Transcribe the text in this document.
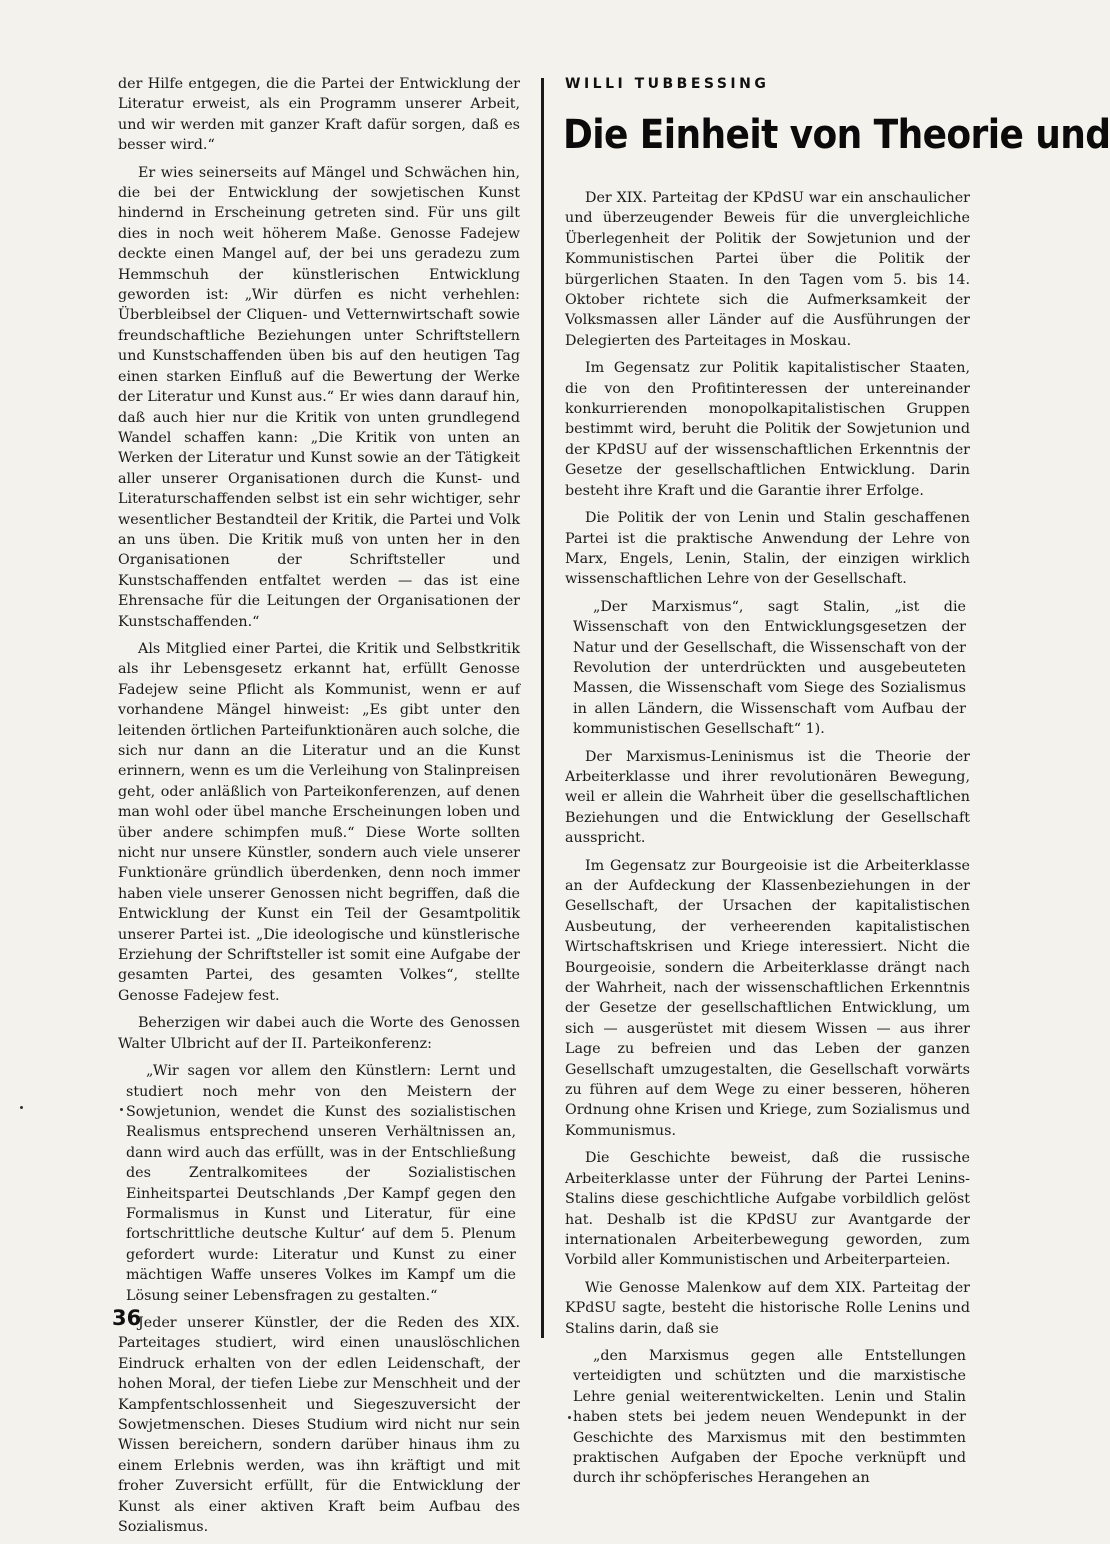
der Hilfe entgegen, die die Partei der Entwicklung der Literatur erweist, als ein Programm unserer Arbeit, und wir werden mit ganzer Kraft dafür sorgen, daß es besser wird.“

Er wies seinerseits auf Mängel und Schwächen hin, die bei der Entwicklung der sowjetischen Kunst hindernd in Erscheinung getreten sind. Für uns gilt dies in noch weit höherem Maße. Genosse Fadejew deckte einen Mangel auf, der bei uns geradezu zum Hemmschuh der künstlerischen Entwicklung geworden ist: „Wir dürfen es nicht verhehlen: Überbleibsel der Cliquen- und Vetternwirtschaft sowie freundschaftliche Beziehungen unter Schriftstellern und Kunstschaffenden üben bis auf den heutigen Tag einen starken Einfluß auf die Bewertung der Werke der Literatur und Kunst aus.“ Er wies dann darauf hin, daß auch hier nur die Kritik von unten grundlegend Wandel schaffen kann: „Die Kritik von unten an Werken der Literatur und Kunst sowie an der Tätigkeit aller unserer Organisationen durch die Kunst- und Literaturschaffenden selbst ist ein sehr wichtiger, sehr wesentlicher Bestandteil der Kritik, die Partei und Volk an uns üben. Die Kritik muß von unten her in den Organisationen der Schriftsteller und Kunstschaffenden entfaltet werden — das ist eine Ehrensache für die Leitungen der Organisationen der Kunstschaffenden.“

Als Mitglied einer Partei, die Kritik und Selbstkritik als ihr Lebensgesetz erkannt hat, erfüllt Genosse Fadejew seine Pflicht als Kommunist, wenn er auf vorhandene Mängel hinweist: „Es gibt unter den leitenden örtlichen Parteifunktionären auch solche, die sich nur dann an die Literatur und an die Kunst erinnern, wenn es um die Verleihung von Stalinpreisen geht, oder anläßlich von Parteikonferenzen, auf denen man wohl oder übel manche Erscheinungen loben und über andere schimpfen muß.“ Diese Worte sollten nicht nur unsere Künstler, sondern auch viele unserer Funktionäre gründlich überdenken, denn noch immer haben viele unserer Genossen nicht begriffen, daß die Entwicklung der Kunst ein Teil der Gesamtpolitik unserer Partei ist. „Die ideologische und künstlerische Erziehung der Schriftsteller ist somit eine Aufgabe der gesamten Partei, des gesamten Volkes“, stellte Genosse Fadejew fest.

Beherzigen wir dabei auch die Worte des Genossen Walter Ulbricht auf der II. Parteikonferenz:

„Wir sagen vor allem den Künstlern: Lernt und studiert noch mehr von den Meistern der Sowjetunion, wendet die Kunst des sozialistischen Realismus entsprechend unseren Verhältnissen an, dann wird auch das erfüllt, was in der Entschließung des Zentralkomitees der Sozialistischen Einheitspartei Deutschlands ‚Der Kampf gegen den Formalismus in Kunst und Literatur, für eine fortschrittliche deutsche Kultur‘ auf dem 5. Plenum gefordert wurde: Literatur und Kunst zu einer mächtigen Waffe unseres Volkes im Kampf um die Lösung seiner Lebensfragen zu gestalten.“

Jeder unserer Künstler, der die Reden des XIX. Parteitages studiert, wird einen unauslöschlichen Eindruck erhalten von der edlen Leidenschaft, der hohen Moral, der tiefen Liebe zur Menschheit und der Kampfentschlossenheit und Siegeszuversicht der Sowjetmenschen. Dieses Studium wird nicht nur sein Wissen bereichern, sondern darüber hinaus ihm zu einem Erlebnis werden, was ihn kräftigt und mit froher Zuversicht erfüllt, für die Entwicklung der Kunst als einer aktiven Kraft beim Aufbau des Sozialismus.

WILLI TUBBESSING
Die Einheit von Theorie und

Der XIX. Parteitag der KPdSU war ein anschaulicher und überzeugender Beweis für die unvergleichliche Überlegenheit der Politik der Sowjetunion und der Kommunistischen Partei über die Politik der bürgerlichen Staaten. In den Tagen vom 5. bis 14. Oktober richtete sich die Aufmerksamkeit der Volksmassen aller Länder auf die Ausführungen der Delegierten des Parteitages in Moskau.

Im Gegensatz zur Politik kapitalistischer Staaten, die von den Profitinteressen der untereinander konkurrierenden monopolkapitalistischen Gruppen bestimmt wird, beruht die Politik der Sowjetunion und der KPdSU auf der wissenschaftlichen Erkenntnis der Gesetze der gesellschaftlichen Entwicklung. Darin besteht ihre Kraft und die Garantie ihrer Erfolge.

Die Politik der von Lenin und Stalin geschaffenen Partei ist die praktische Anwendung der Lehre von Marx, Engels, Lenin, Stalin, der einzigen wirklich wissenschaftlichen Lehre von der Gesellschaft.

„Der Marxismus“, sagt Stalin, „ist die Wissenschaft von den Entwicklungsgesetzen der Natur und der Gesellschaft, die Wissenschaft von der Revolution der unterdrückten und ausgebeuteten Massen, die Wissenschaft vom Siege des Sozialismus in allen Ländern, die Wissenschaft vom Aufbau der kommunistischen Gesellschaft“ 1).

Der Marxismus-Leninismus ist die Theorie der Arbeiterklasse und ihrer revolutionären Bewegung, weil er allein die Wahrheit über die gesellschaftlichen Beziehungen und die Entwicklung der Gesellschaft ausspricht.

Im Gegensatz zur Bourgeoisie ist die Arbeiterklasse an der Aufdeckung der Klassenbeziehungen in der Gesellschaft, der Ursachen der kapitalistischen Ausbeutung, der verheerenden kapitalistischen Wirtschaftskrisen und Kriege interessiert. Nicht die Bourgeoisie, sondern die Arbeiterklasse drängt nach der Wahrheit, nach der wissenschaftlichen Erkenntnis der Gesetze der gesellschaftlichen Entwicklung, um sich — ausgerüstet mit diesem Wissen — aus ihrer Lage zu befreien und das Leben der ganzen Gesellschaft umzugestalten, die Gesellschaft vorwärts zu führen auf dem Wege zu einer besseren, höheren Ordnung ohne Krisen und Kriege, zum Sozialismus und Kommunismus.

Die Geschichte beweist, daß die russische Arbeiterklasse unter der Führung der Partei Lenins-Stalins diese geschichtliche Aufgabe vorbildlich gelöst hat. Deshalb ist die KPdSU zur Avantgarde der internationalen Arbeiterbewegung geworden, zum Vorbild aller Kommunistischen und Arbeiterparteien.

Wie Genosse Malenkow auf dem XIX. Parteitag der KPdSU sagte, besteht die historische Rolle Lenins und Stalins darin, daß sie

„den Marxismus gegen alle Entstellungen verteidigten und schützten und die marxistische Lehre genial weiterentwickelten. Lenin und Stalin haben stets bei jedem neuen Wendepunkt in der Geschichte des Marxismus mit den bestimmten praktischen Aufgaben der Epoche verknüpft und durch ihr schöpferisches Herangehen an

36
